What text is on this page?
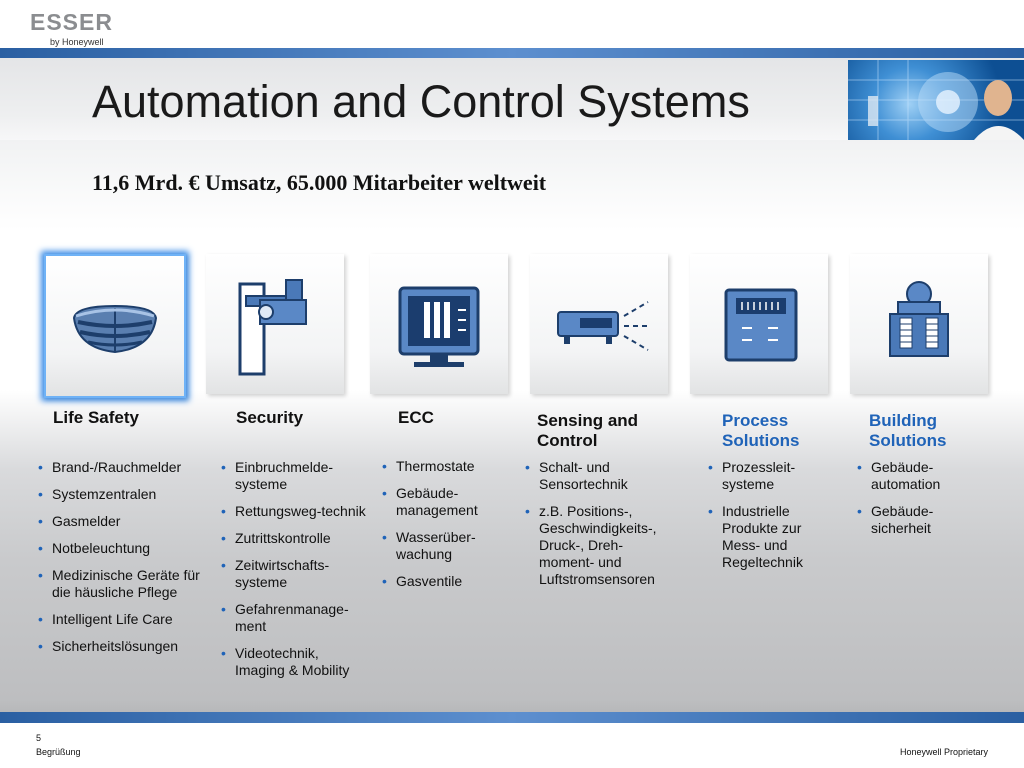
ESSER
by Honeywell
Automation and Control Systems
11,6 Mrd. € Umsatz, 65.000 Mitarbeiter weltweit
Life Safety	Security	ECC	Sensing and Control
Process Solutions
Building Solutions
• Brand-/Rauchmelder
• Systemzentralen
• Gasmelder
• Notbeleuchtung
• Medizinische Geräte für die häusliche Pflege
• Intelligent Life Care
• Sicherheitslösungen
• Einbruchmelde-systeme
• Rettungsweg-technik
• Zutrittskontrolle
• Zeitwirtschafts-systeme
• Gefahrenmanage-ment
• Videotechnik, Imaging & Mobility
• Thermostate
• Gebäude-management
• Wasserüber-wachung
• Gasventile
• Schalt- und Sensortechnik
• z.B. Positions-, Geschwindigkeits-, Druck-, Dreh-moment- und Luftstromsensoren
• Prozessleit-systeme
• Industrielle Produkte zur Mess- und Regeltechnik
• Gebäude-automation
• Gebäude-sicherheit
5
Begrüßung	Honeywell Proprietary
